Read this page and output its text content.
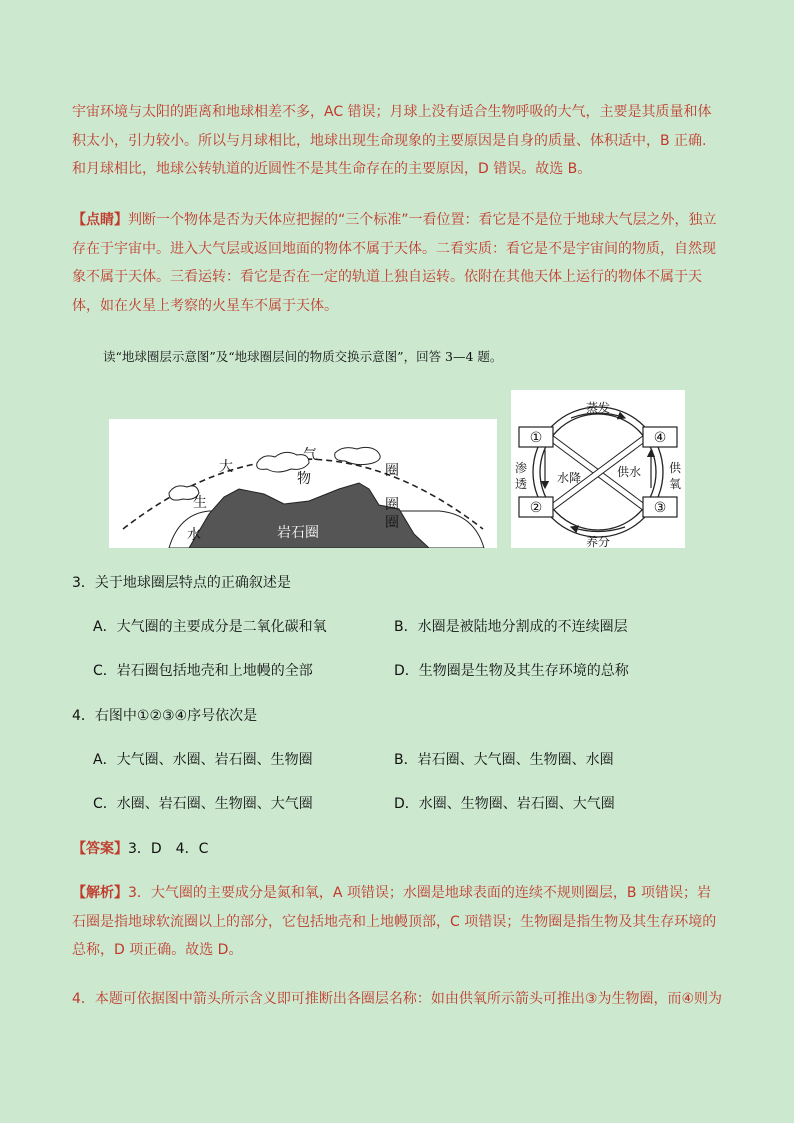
宇宙环境与太阳的距离和地球相差不多，AC 错误；月球上没有适合生物呼吸的大气，主要是其质量和体积太小，引力较小。所以与月球相比，地球出现生命现象的主要原因是自身的质量、体积适中，B 正确. 和月球相比，地球公转轨道的近圆性不是其生命存在的主要原因，D 错误。故选 B。

【点睛】判断一个物体是否为天体应把握的“三个标准”一看位置：看它是不是位于地球大气层之外，独立存在于宇宙中。进入大气层或返回地面的物体不属于天体。二看实质：看它是不是宇宙间的物质，自然现象不属于天体。三看运转：看它是否在一定的轨道上独自运转。依附在其他天体上运行的物体不属于天体，如在火星上考察的火星车不属于天体。

读“地球圈层示意图”及“地球圈层间的物质交换示意图”，回答 3—4 题。
大
气
圈
物
生	圈
水	岩石圈
圈
①	④
②	③
蒸发
渗
透 水降	供水 供
氧
养分
3．关于地球圈层特点的正确叙述是
A．大气圈的主要成分是二氧化碳和氧	B．水圈是被陆地分割成的不连续圈层
C．岩石圈包括地壳和上地幔的全部	D．生物圈是生物及其生存环境的总称
4．右图中①②③④序号依次是
A．大气圈、水圈、岩石圈、生物圈	B．岩石圈、大气圈、生物圈、水圈
C．水圈、岩石圈、生物圈、大气圈	D．水圈、生物圈、岩石圈、大气圈
【答案】3．D　4．C

【解析】3．大气圈的主要成分是氮和氧，A 项错误；水圈是地球表面的连续不规则圈层，B 项错误；岩石圈是指地球软流圈以上的部分，它包括地壳和上地幔顶部，C 项错误；生物圈是指生物及其生存环境的总称，D 项正确。故选 D。

4．本题可依据图中箭头所示含义即可推断出各圈层名称：如由供氧所示箭头可推出③为生物圈，而④则为
